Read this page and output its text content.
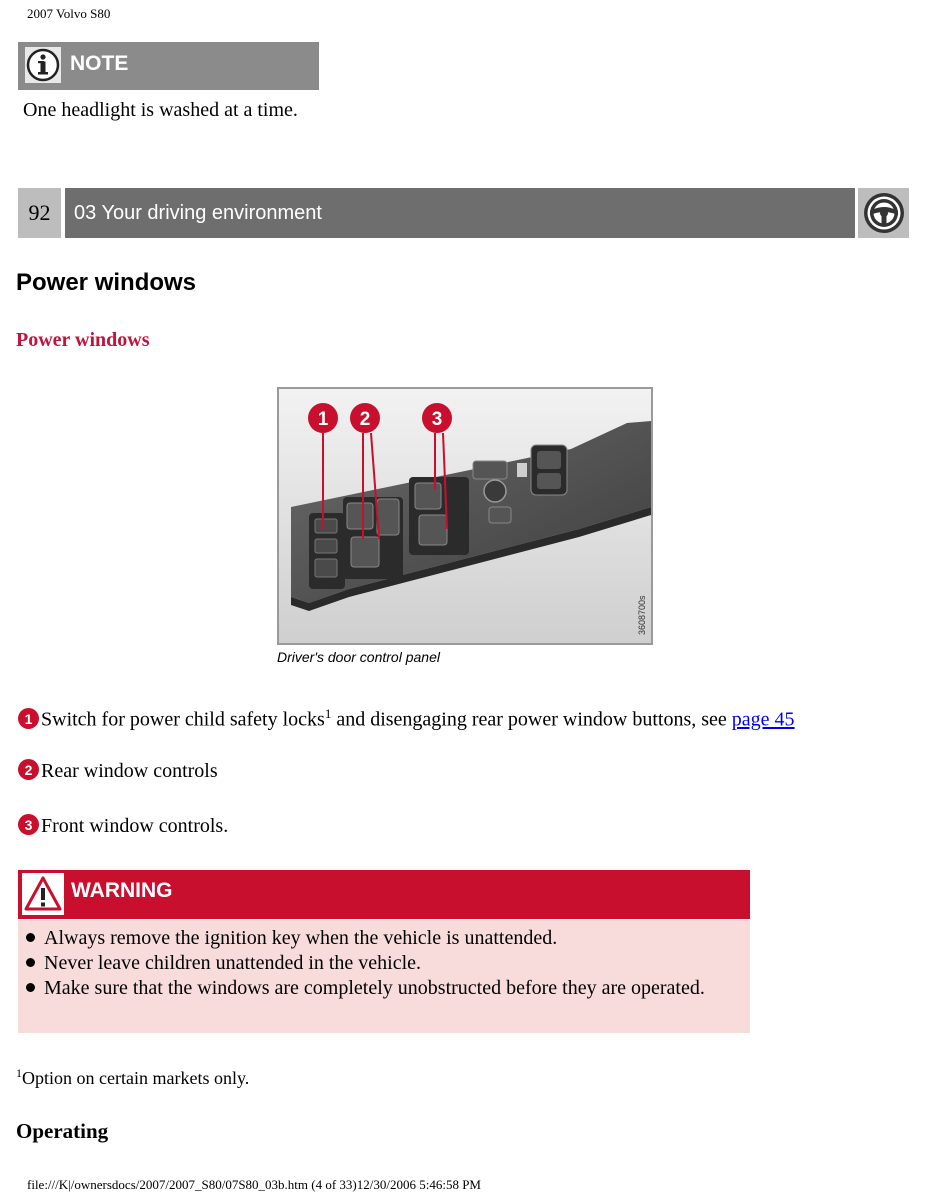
2007 Volvo S80
NOTE
One headlight is washed at a time.
92	03 Your driving environment
Power windows
Power windows
1 2	3
3608700s
Driver's door control panel
1 Switch for power child safety locks$^1$ and disengaging rear power window buttons, see page 45
2 Rear window controls
3 Front window controls.
WARNING
Always remove the ignition key when the vehicle is unattended.
Never leave children unattended in the vehicle.
Make sure that the windows are completely unobstructed before they are operated.
$^1$Option on certain markets only.
Operating
file:///K|/ownersdocs/2007/2007_S80/07S80_03b.htm (4 of 33)12/30/2006 5:46:58 PM
